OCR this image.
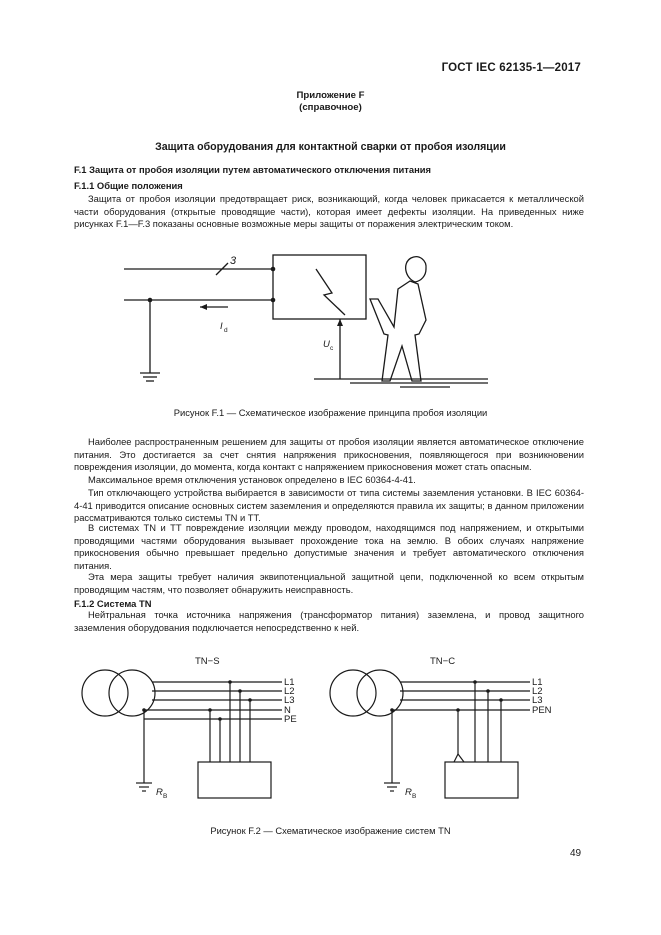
ГОСТ IEC 62135-1—2017
Приложение F
(справочное)
Защита оборудования для контактной сварки от пробоя изоляции
F.1 Защита от пробоя изоляции путем автоматического отключения питания
F.1.1 Общие положения
Защита от пробоя изоляции предотвращает риск, возникающий, когда человек прикасается к металлической части оборудования (открытые проводящие части), которая имеет дефекты изоляции. На приведенных ниже рисунках F.1—F.3 показаны основные возможные меры защиты от поражения электрическим током.
3
I d
U c
Рисунок F.1 — Схематическое изображение принципа пробоя изоляции
Наиболее распространенным решением для защиты от пробоя изоляции является автоматическое отключение питания. Это достигается за счет снятия напряжения прикосновения, появляющегося при возникновении повреждения изоляции, до момента, когда контакт с напряжением прикосновения может стать опасным.
Максимальное время отключения установок определено в IEC 60364-4-41.
Тип отключающего устройства выбирается в зависимости от типа системы заземления установки. В IEC 60364-4-41 приводится описание основных систем заземления и определяются правила их защиты; в данном приложении рассматриваются только системы TN и TT.
В системах TN и TT повреждение изоляции между проводом, находящимся под напряжением, и открытыми проводящими частями оборудования вызывает прохождение тока на землю. В обоих случаях напряжение прикосновения обычно превышает предельно допустимые значения и требует автоматического отключения питания.
Эта мера защиты требует наличия эквипотенциальной защитной цепи, подключенной ко всем открытым проводящим частям, что позволяет обнаружить неисправность.
F.1.2 Система TN
Нейтральная точка источника напряжения (трансформатор питания) заземлена, и провод защитного заземления оборудования подключается непосредственно к ней.
TN−S
L1
L2
L3
N
PE
R B
TN−C
L1
L2
L3
PEN
R B
Рисунок F.2 — Схематическое изображение систем TN
49
